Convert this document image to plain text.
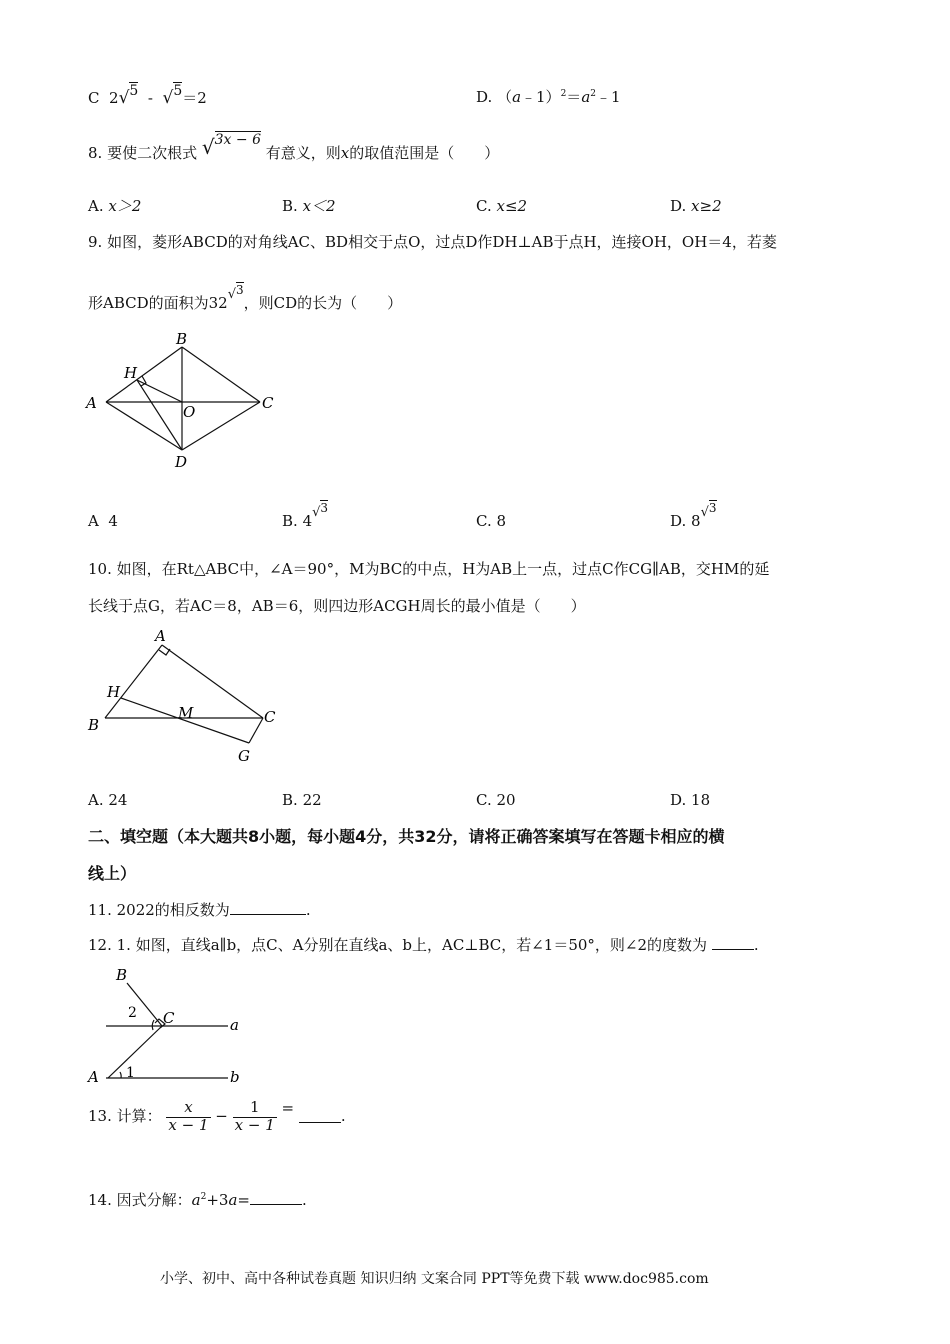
C 2√5 - √5＝2	D. $(a﹣1)^2=a^2﹣1$
8. 要使二次根式 √3x − 6 有意义，则x的取值范围是（　　）
A. x＞2	B. x＜2	C. x≤2	D. x≥2
9. 如图，菱形ABCD的对角线AC、BD相交于点O，过点D作DH⊥AB于点H，连接OH，OH＝4，若菱
形ABCD的面积为32√$^3$，则CD的长为（　　）
A
B
C
D
H
O
A 4	B. 4√$^3$
C. 8	D. 8√$^3$
10. 如图，在Rt△ABC中，∠A＝90°，M为BC的中点，H为AB上一点，过点C作CG∥AB，交HM的延
长线于点G，若AC＝8，AB＝6，则四边形ACGH周长的最小值是（　　）
A
B	C
G
H
M
A. 24	B. 22	C. 20	D. 18
二、填空题（本大题共8小题，每小题4分，共32分，请将正确答案填写在答题卡相应的横
线上）
11. 2022的相反数为	.
12. 1. 如图，直线a∥b，点C、A分别在直线a、b上，AC⊥BC，若∠1＝50°，则∠2的度数为	.
B
C
A
a
b
1
2
13. 计算： $\frac{x}{x - 1} - \frac{1}{x - 1}$ =	.
14. 因式分解：$a^2+3a=$	.
小学、初中、高中各种试卷真题 知识归纳 文案合同 PPT等免费下载 www.doc985.com
